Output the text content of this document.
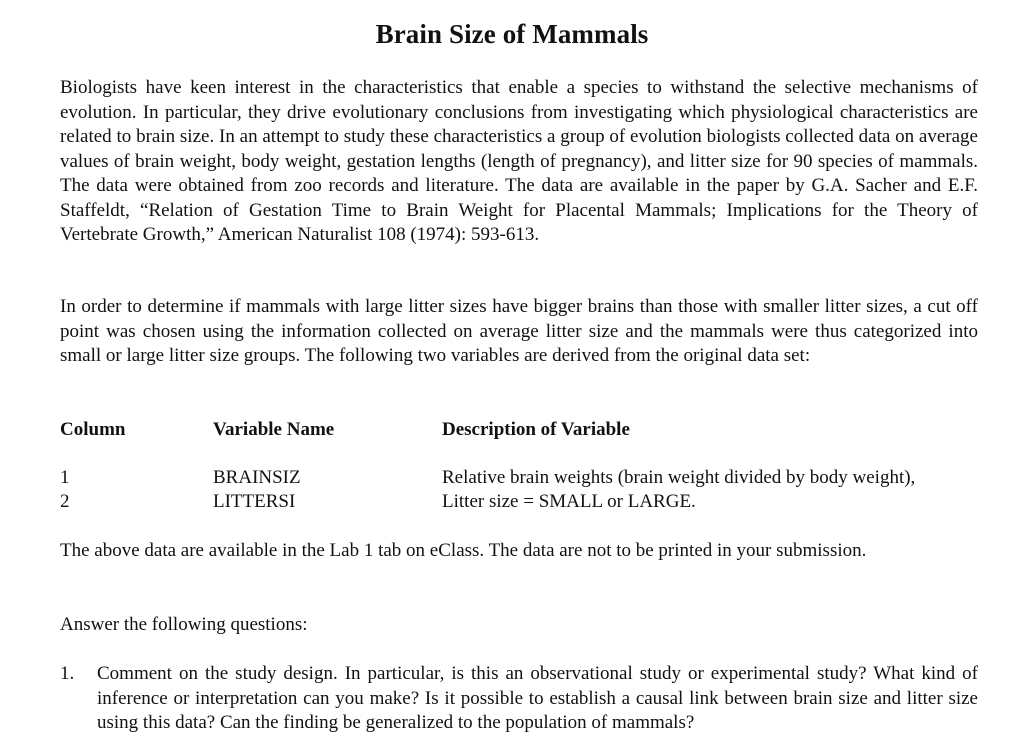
Brain Size of Mammals

Biologists have keen interest in the characteristics that enable a species to withstand the selective mechanisms of evolution. In particular, they drive evolutionary conclusions from investigating which physiological characteristics are related to brain size. In an attempt to study these characteristics a group of evolution biologists collected data on average values of brain weight, body weight, gestation lengths (length of pregnancy), and litter size for 90 species of mammals. The data were obtained from zoo records and literature. The data are available in the paper by G.A. Sacher and E.F. Staffeldt, “Relation of Gestation Time to Brain Weight for Placental Mammals; Implications for the Theory of Vertebrate Growth,” American Naturalist 108 (1974): 593-613.

In order to determine if mammals with large litter sizes have bigger brains than those with smaller litter sizes, a cut off point was chosen using the information collected on average litter size and the mammals were thus categorized into small or large litter size groups. The following two variables are derived from the original data set:

Column	Variable Name	Description of Variable
1	BRAINSIZ	Relative brain weights (brain weight divided by body weight),
2	LITTERSI	Litter size = SMALL or LARGE.
The above data are available in the Lab 1 tab on eClass. The data are not to be printed in your submission.
Answer the following questions:
1. Comment on the study design. In particular, is this an observational study or experimental study? What kind of inference or interpretation can you make? Is it possible to establish a causal link between brain size and litter size using this data? Can the finding be generalized to the population of mammals?
